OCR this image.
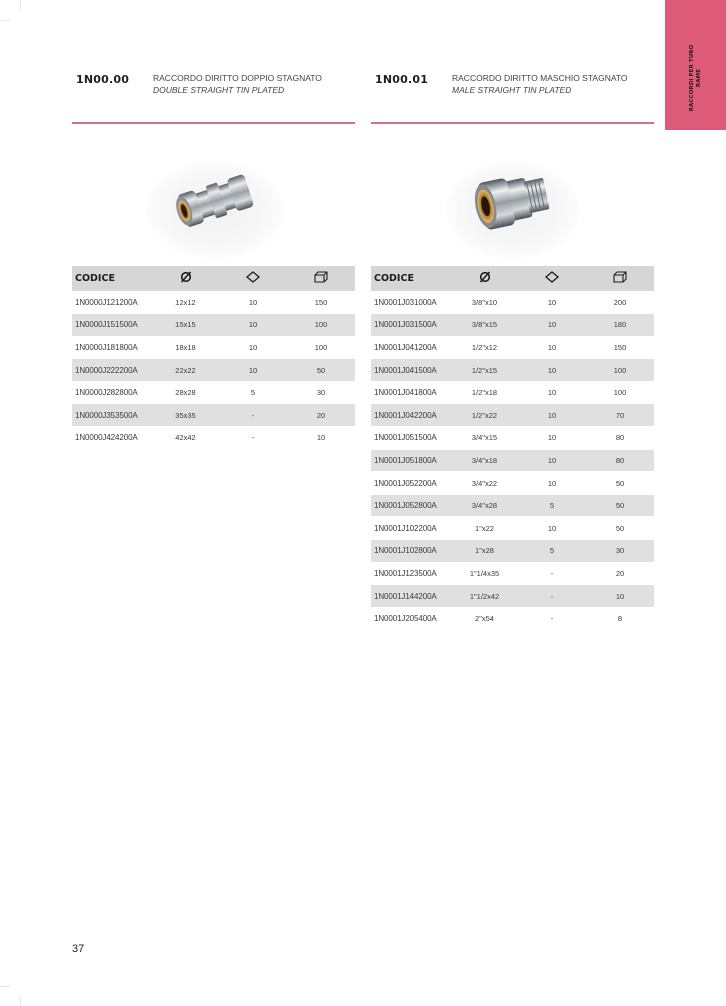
RACCORDI PER TUBO RAME
1N00.00	RACCORDO DIRITTO DOPPIO STAGNATO
DOUBLE STRAIGHT TIN PLATED
1N00.01	RACCORDO DIRITTO MASCHIO STAGNATO
MALE STRAIGHT TIN PLATED
CODICE			
1N0000J121200A	12x12	10	150
1N0000J151500A	15x15	10	100
1N0000J181800A	18x18	10	100
1N0000J222200A	22x22	10	50
1N0000J282800A	28x28	5	30
1N0000J353500A	35x35	-	20
1N0000J424200A	42x42	-	10
CODICE			
1N0001J031000A	3/8"x10	10	200
1N0001J031500A	3/8"x15	10	180
1N0001J041200A	1/2"x12	10	150
1N0001J041500A	1/2"x15	10	100
1N0001J041800A	1/2"x18	10	100
1N0001J042200A	1/2"x22	10	70
1N0001J051500A	3/4"x15	10	80
1N0001J051800A	3/4"x18	10	80
1N0001J052200A	3/4"x22	10	50
1N0001J052800A	3/4"x28	5	50
1N0001J102200A	1"x22	10	50
1N0001J102800A	1"x28	5	30
1N0001J123500A	1"1/4x35	-	20
1N0001J144200A	1"1/2x42	-	10
1N0001J205400A	2"x54	-	8
37
